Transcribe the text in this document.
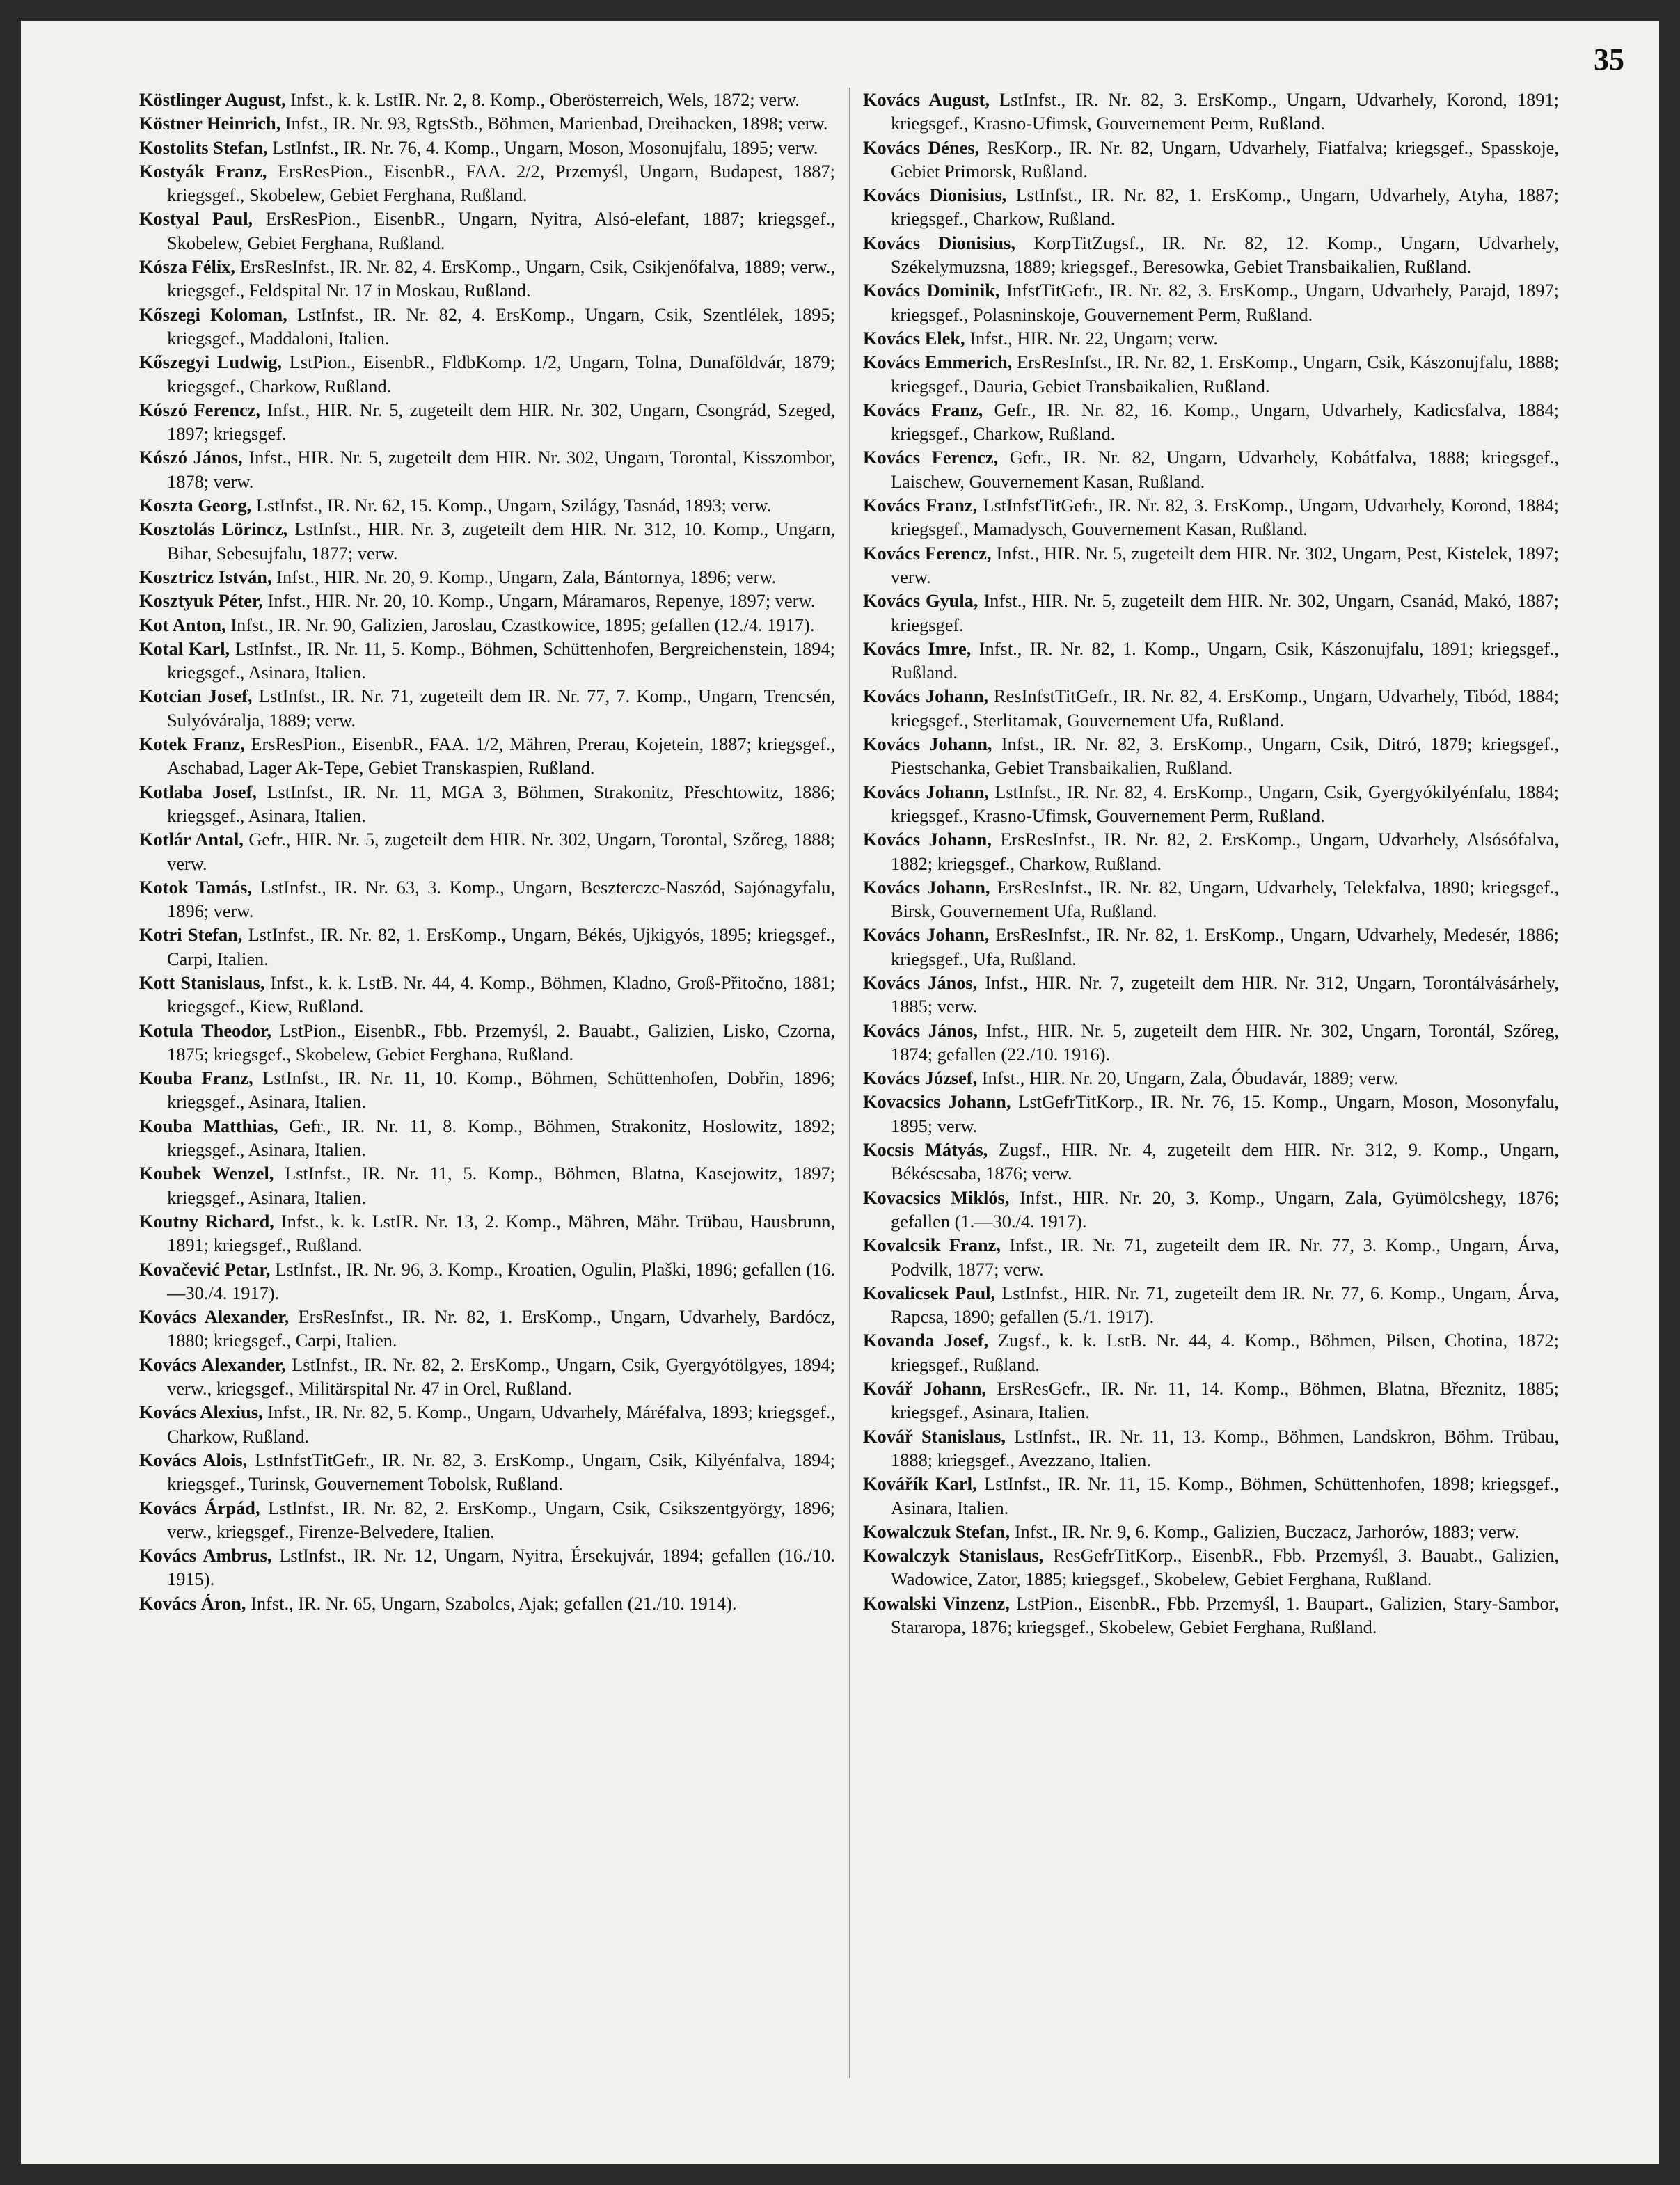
35

Köstlinger August, Infst., k. k. LstIR. Nr. 2, 8. Komp., Oberösterreich, Wels, 1872; verw.

Köstner Heinrich, Infst., IR. Nr. 93, RgtsStb., Böhmen, Marienbad, Dreihacken, 1898; verw.

Kostolits Stefan, LstInfst., IR. Nr. 76, 4. Komp., Ungarn, Moson, Mosonujfalu, 1895; verw.

Kostyák Franz, ErsResPion., EisenbR., FAA. 2/2, Przemyśl, Ungarn, Budapest, 1887; kriegsgef., Skobelew, Gebiet Ferghana, Rußland.

Kostyal Paul, ErsResPion., EisenbR., Ungarn, Nyitra, Alsó-elefant, 1887; kriegsgef., Skobelew, Gebiet Ferghana, Rußland.

Kósza Félix, ErsResInfst., IR. Nr. 82, 4. ErsKomp., Ungarn, Csik, Csikjenőfalva, 1889; verw., kriegsgef., Feldspital Nr. 17 in Moskau, Rußland.

Kőszegi Koloman, LstInfst., IR. Nr. 82, 4. ErsKomp., Ungarn, Csik, Szentlélek, 1895; kriegsgef., Maddaloni, Italien.

Kőszegyi Ludwig, LstPion., EisenbR., FldbKomp. 1/2, Ungarn, Tolna, Dunaföldvár, 1879; kriegsgef., Charkow, Rußland.

Kószó Ferencz, Infst., HIR. Nr. 5, zugeteilt dem HIR. Nr. 302, Ungarn, Csongrád, Szeged, 1897; kriegsgef.

Kószó János, Infst., HIR. Nr. 5, zugeteilt dem HIR. Nr. 302, Ungarn, Torontal, Kisszombor, 1878; verw.

Koszta Georg, LstInfst., IR. Nr. 62, 15. Komp., Ungarn, Szilágy, Tasnád, 1893; verw.

Kosztolás Lörincz, LstInfst., HIR. Nr. 3, zugeteilt dem HIR. Nr. 312, 10. Komp., Ungarn, Bihar, Sebesujfalu, 1877; verw.

Kosztricz István, Infst., HIR. Nr. 20, 9. Komp., Ungarn, Zala, Bántornya, 1896; verw.

Kosztyuk Péter, Infst., HIR. Nr. 20, 10. Komp., Ungarn, Máramaros, Repenye, 1897; verw.

Kot Anton, Infst., IR. Nr. 90, Galizien, Jaroslau, Czastkowice, 1895; gefallen (12./4. 1917).

Kotal Karl, LstInfst., IR. Nr. 11, 5. Komp., Böhmen, Schüttenhofen, Bergreichenstein, 1894; kriegsgef., Asinara, Italien.

Kotcian Josef, LstInfst., IR. Nr. 71, zugeteilt dem IR. Nr. 77, 7. Komp., Ungarn, Trencsén, Sulyóváralja, 1889; verw.

Kotek Franz, ErsResPion., EisenbR., FAA. 1/2, Mähren, Prerau, Kojetein, 1887; kriegsgef., Aschabad, Lager Ak-Tepe, Gebiet Transkaspien, Rußland.

Kotlaba Josef, LstInfst., IR. Nr. 11, MGA 3, Böhmen, Strakonitz, Přeschtowitz, 1886; kriegsgef., Asinara, Italien.

Kotlár Antal, Gefr., HIR. Nr. 5, zugeteilt dem HIR. Nr. 302, Ungarn, Torontal, Szőreg, 1888; verw.

Kotok Tamás, LstInfst., IR. Nr. 63, 3. Komp., Ungarn, Beszterczc-Naszód, Sajónagyfalu, 1896; verw.

Kotri Stefan, LstInfst., IR. Nr. 82, 1. ErsKomp., Ungarn, Békés, Ujkigyós, 1895; kriegsgef., Carpi, Italien.

Kott Stanislaus, Infst., k. k. LstB. Nr. 44, 4. Komp., Böhmen, Kladno, Groß-Přitočno, 1881; kriegsgef., Kiew, Rußland.

Kotula Theodor, LstPion., EisenbR., Fbb. Przemyśl, 2. Bauabt., Galizien, Lisko, Czorna, 1875; kriegsgef., Skobelew, Gebiet Ferghana, Rußland.

Kouba Franz, LstInfst., IR. Nr. 11, 10. Komp., Böhmen, Schüttenhofen, Dobřin, 1896; kriegsgef., Asinara, Italien.

Kouba Matthias, Gefr., IR. Nr. 11, 8. Komp., Böhmen, Strakonitz, Hoslowitz, 1892; kriegsgef., Asinara, Italien.

Koubek Wenzel, LstInfst., IR. Nr. 11, 5. Komp., Böhmen, Blatna, Kasejowitz, 1897; kriegsgef., Asinara, Italien.

Koutny Richard, Infst., k. k. LstIR. Nr. 13, 2. Komp., Mähren, Mähr. Trübau, Hausbrunn, 1891; kriegsgef., Rußland.

Kovačević Petar, LstInfst., IR. Nr. 96, 3. Komp., Kroatien, Ogulin, Plaški, 1896; gefallen (16.—30./4. 1917).

Kovács Alexander, ErsResInfst., IR. Nr. 82, 1. ErsKomp., Ungarn, Udvarhely, Bardócz, 1880; kriegsgef., Carpi, Italien.

Kovács Alexander, LstInfst., IR. Nr. 82, 2. ErsKomp., Ungarn, Csik, Gyergyótölgyes, 1894; verw., kriegsgef., Militärspital Nr. 47 in Orel, Rußland.

Kovács Alexius, Infst., IR. Nr. 82, 5. Komp., Ungarn, Udvarhely, Máréfalva, 1893; kriegsgef., Charkow, Rußland.

Kovács Alois, LstInfstTitGefr., IR. Nr. 82, 3. ErsKomp., Ungarn, Csik, Kilyénfalva, 1894; kriegsgef., Turinsk, Gouvernement Tobolsk, Rußland.

Kovács Árpád, LstInfst., IR. Nr. 82, 2. ErsKomp., Ungarn, Csik, Csikszentgyörgy, 1896; verw., kriegsgef., Firenze-Belvedere, Italien.

Kovács Ambrus, LstInfst., IR. Nr. 12, Ungarn, Nyitra, Érsekujvár, 1894; gefallen (16./10. 1915).

Kovács Áron, Infst., IR. Nr. 65, Ungarn, Szabolcs, Ajak; gefallen (21./10. 1914).

Kovács August, LstInfst., IR. Nr. 82, 3. ErsKomp., Ungarn, Udvarhely, Korond, 1891; kriegsgef., Krasno-Ufimsk, Gouvernement Perm, Rußland.

Kovács Dénes, ResKorp., IR. Nr. 82, Ungarn, Udvarhely, Fiatfalva; kriegsgef., Spasskoje, Gebiet Primorsk, Rußland.

Kovács Dionisius, LstInfst., IR. Nr. 82, 1. ErsKomp., Ungarn, Udvarhely, Atyha, 1887; kriegsgef., Charkow, Rußland.

Kovács Dionisius, KorpTitZugsf., IR. Nr. 82, 12. Komp., Ungarn, Udvarhely, Székelymuzsna, 1889; kriegsgef., Beresowka, Gebiet Transbaikalien, Rußland.

Kovács Dominik, InfstTitGefr., IR. Nr. 82, 3. ErsKomp., Ungarn, Udvarhely, Parajd, 1897; kriegsgef., Polasninskoje, Gouvernement Perm, Rußland.

Kovács Elek, Infst., HIR. Nr. 22, Ungarn; verw.

Kovács Emmerich, ErsResInfst., IR. Nr. 82, 1. ErsKomp., Ungarn, Csik, Kászonujfalu, 1888; kriegsgef., Dauria, Gebiet Transbaikalien, Rußland.

Kovács Franz, Gefr., IR. Nr. 82, 16. Komp., Ungarn, Udvarhely, Kadicsfalva, 1884; kriegsgef., Charkow, Rußland.

Kovács Ferencz, Gefr., IR. Nr. 82, Ungarn, Udvarhely, Kobátfalva, 1888; kriegsgef., Laischew, Gouvernement Kasan, Rußland.

Kovács Franz, LstInfstTitGefr., IR. Nr. 82, 3. ErsKomp., Ungarn, Udvarhely, Korond, 1884; kriegsgef., Mamadysch, Gouvernement Kasan, Rußland.

Kovács Ferencz, Infst., HIR. Nr. 5, zugeteilt dem HIR. Nr. 302, Ungarn, Pest, Kistelek, 1897; verw.

Kovács Gyula, Infst., HIR. Nr. 5, zugeteilt dem HIR. Nr. 302, Ungarn, Csanád, Makó, 1887; kriegsgef.

Kovács Imre, Infst., IR. Nr. 82, 1. Komp., Ungarn, Csik, Kászonujfalu, 1891; kriegsgef., Rußland.

Kovács Johann, ResInfstTitGefr., IR. Nr. 82, 4. ErsKomp., Ungarn, Udvarhely, Tibód, 1884; kriegsgef., Sterlitamak, Gouvernement Ufa, Rußland.

Kovács Johann, Infst., IR. Nr. 82, 3. ErsKomp., Ungarn, Csik, Ditró, 1879; kriegsgef., Piestschanka, Gebiet Transbaikalien, Rußland.

Kovács Johann, LstInfst., IR. Nr. 82, 4. ErsKomp., Ungarn, Csik, Gyergyókilyénfalu, 1884; kriegsgef., Krasno-Ufimsk, Gouvernement Perm, Rußland.

Kovács Johann, ErsResInfst., IR. Nr. 82, 2. ErsKomp., Ungarn, Udvarhely, Alsósófalva, 1882; kriegsgef., Charkow, Rußland.

Kovács Johann, ErsResInfst., IR. Nr. 82, Ungarn, Udvarhely, Telekfalva, 1890; kriegsgef., Birsk, Gouvernement Ufa, Rußland.

Kovács Johann, ErsResInfst., IR. Nr. 82, 1. ErsKomp., Ungarn, Udvarhely, Medesér, 1886; kriegsgef., Ufa, Rußland.

Kovács János, Infst., HIR. Nr. 7, zugeteilt dem HIR. Nr. 312, Ungarn, Torontálvásárhely, 1885; verw.

Kovács János, Infst., HIR. Nr. 5, zugeteilt dem HIR. Nr. 302, Ungarn, Torontál, Szőreg, 1874; gefallen (22./10. 1916).

Kovács József, Infst., HIR. Nr. 20, Ungarn, Zala, Óbudavár, 1889; verw.

Kovacsics Johann, LstGefrTitKorp., IR. Nr. 76, 15. Komp., Ungarn, Moson, Mosonyfalu, 1895; verw.

Kocsis Mátyás, Zugsf., HIR. Nr. 4, zugeteilt dem HIR. Nr. 312, 9. Komp., Ungarn, Békéscsaba, 1876; verw.

Kovacsics Miklós, Infst., HIR. Nr. 20, 3. Komp., Ungarn, Zala, Gyümölcshegy, 1876; gefallen (1.—30./4. 1917).

Kovalcsik Franz, Infst., IR. Nr. 71, zugeteilt dem IR. Nr. 77, 3. Komp., Ungarn, Árva, Podvilk, 1877; verw.

Kovalicsek Paul, LstInfst., HIR. Nr. 71, zugeteilt dem IR. Nr. 77, 6. Komp., Ungarn, Árva, Rapcsa, 1890; gefallen (5./1. 1917).

Kovanda Josef, Zugsf., k. k. LstB. Nr. 44, 4. Komp., Böhmen, Pilsen, Chotina, 1872; kriegsgef., Rußland.

Kovář Johann, ErsResGefr., IR. Nr. 11, 14. Komp., Böhmen, Blatna, Březnitz, 1885; kriegsgef., Asinara, Italien.

Kovář Stanislaus, LstInfst., IR. Nr. 11, 13. Komp., Böhmen, Landskron, Böhm. Trübau, 1888; kriegsgef., Avezzano, Italien.

Kovářík Karl, LstInfst., IR. Nr. 11, 15. Komp., Böhmen, Schüttenhofen, 1898; kriegsgef., Asinara, Italien.

Kowalczuk Stefan, Infst., IR. Nr. 9, 6. Komp., Galizien, Buczacz, Jarhorów, 1883; verw.

Kowalczyk Stanislaus, ResGefrTitKorp., EisenbR., Fbb. Przemyśl, 3. Bauabt., Galizien, Wadowice, Zator, 1885; kriegsgef., Skobelew, Gebiet Ferghana, Rußland.

Kowalski Vinzenz, LstPion., EisenbR., Fbb. Przemyśl, 1. Baupart., Galizien, Stary-Sambor, Stararopa, 1876; kriegsgef., Skobelew, Gebiet Ferghana, Rußland.
